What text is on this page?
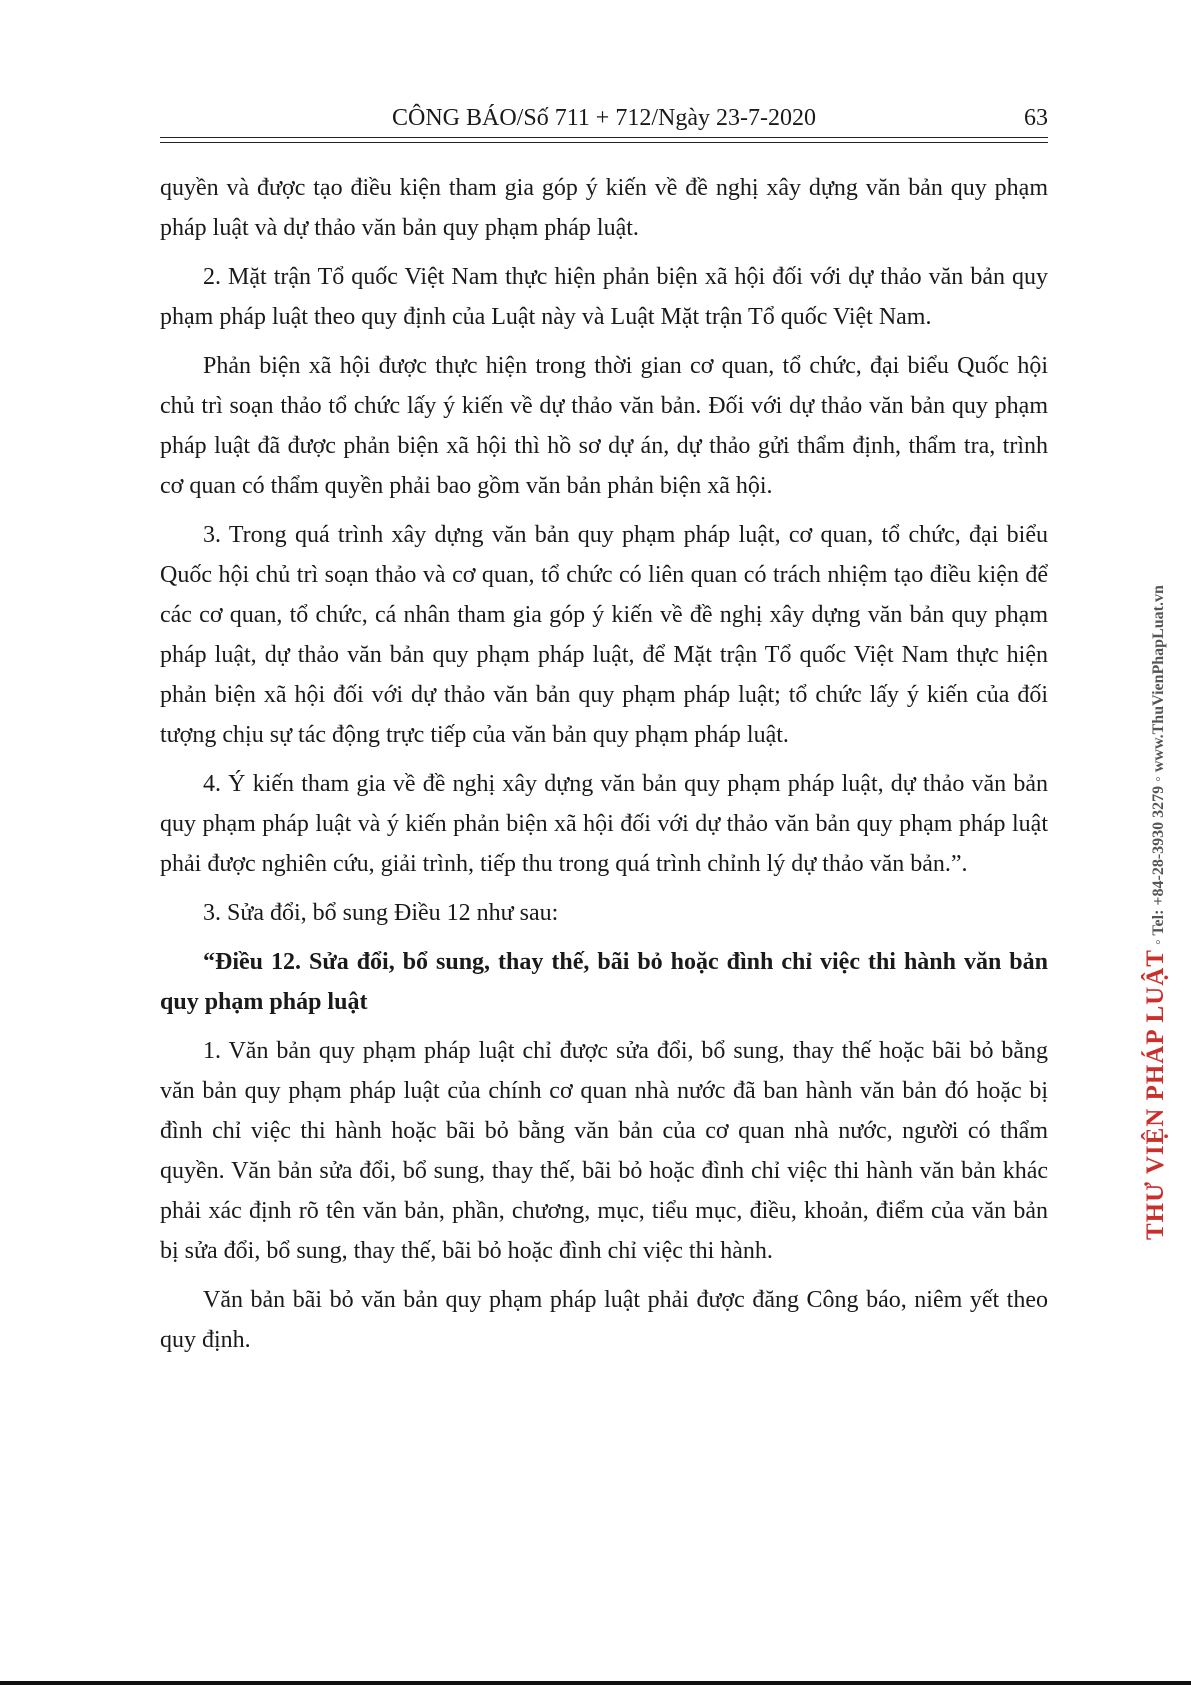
CÔNG BÁO/Số 711 + 712/Ngày 23-7-2020	63

quyền và được tạo điều kiện tham gia góp ý kiến về đề nghị xây dựng văn bản quy phạm pháp luật và dự thảo văn bản quy phạm pháp luật.

2. Mặt trận Tổ quốc Việt Nam thực hiện phản biện xã hội đối với dự thảo văn bản quy phạm pháp luật theo quy định của Luật này và Luật Mặt trận Tổ quốc Việt Nam.

Phản biện xã hội được thực hiện trong thời gian cơ quan, tổ chức, đại biểu Quốc hội chủ trì soạn thảo tổ chức lấy ý kiến về dự thảo văn bản. Đối với dự thảo văn bản quy phạm pháp luật đã được phản biện xã hội thì hồ sơ dự án, dự thảo gửi thẩm định, thẩm tra, trình cơ quan có thẩm quyền phải bao gồm văn bản phản biện xã hội.

3. Trong quá trình xây dựng văn bản quy phạm pháp luật, cơ quan, tổ chức, đại biểu Quốc hội chủ trì soạn thảo và cơ quan, tổ chức có liên quan có trách nhiệm tạo điều kiện để các cơ quan, tổ chức, cá nhân tham gia góp ý kiến về đề nghị xây dựng văn bản quy phạm pháp luật, dự thảo văn bản quy phạm pháp luật, để Mặt trận Tổ quốc Việt Nam thực hiện phản biện xã hội đối với dự thảo văn bản quy phạm pháp luật; tổ chức lấy ý kiến của đối tượng chịu sự tác động trực tiếp của văn bản quy phạm pháp luật.

4. Ý kiến tham gia về đề nghị xây dựng văn bản quy phạm pháp luật, dự thảo văn bản quy phạm pháp luật và ý kiến phản biện xã hội đối với dự thảo văn bản quy phạm pháp luật phải được nghiên cứu, giải trình, tiếp thu trong quá trình chỉnh lý dự thảo văn bản.”.

3. Sửa đổi, bổ sung Điều 12 như sau:

“Điều 12. Sửa đổi, bổ sung, thay thế, bãi bỏ hoặc đình chỉ việc thi hành văn bản quy phạm pháp luật

1. Văn bản quy phạm pháp luật chỉ được sửa đổi, bổ sung, thay thế hoặc bãi bỏ bằng văn bản quy phạm pháp luật của chính cơ quan nhà nước đã ban hành văn bản đó hoặc bị đình chỉ việc thi hành hoặc bãi bỏ bằng văn bản của cơ quan nhà nước, người có thẩm quyền. Văn bản sửa đổi, bổ sung, thay thế, bãi bỏ hoặc đình chỉ việc thi hành văn bản khác phải xác định rõ tên văn bản, phần, chương, mục, tiểu mục, điều, khoản, điểm của văn bản bị sửa đổi, bổ sung, thay thế, bãi bỏ hoặc đình chỉ việc thi hành.

Văn bản bãi bỏ văn bản quy phạm pháp luật phải được đăng Công báo, niêm yết theo quy định.

THƯ VIỆN PHÁP LUẬT ◦ Tel: +84-28-3930 3279 ◦ www.ThuVienPhapLuat.vn
